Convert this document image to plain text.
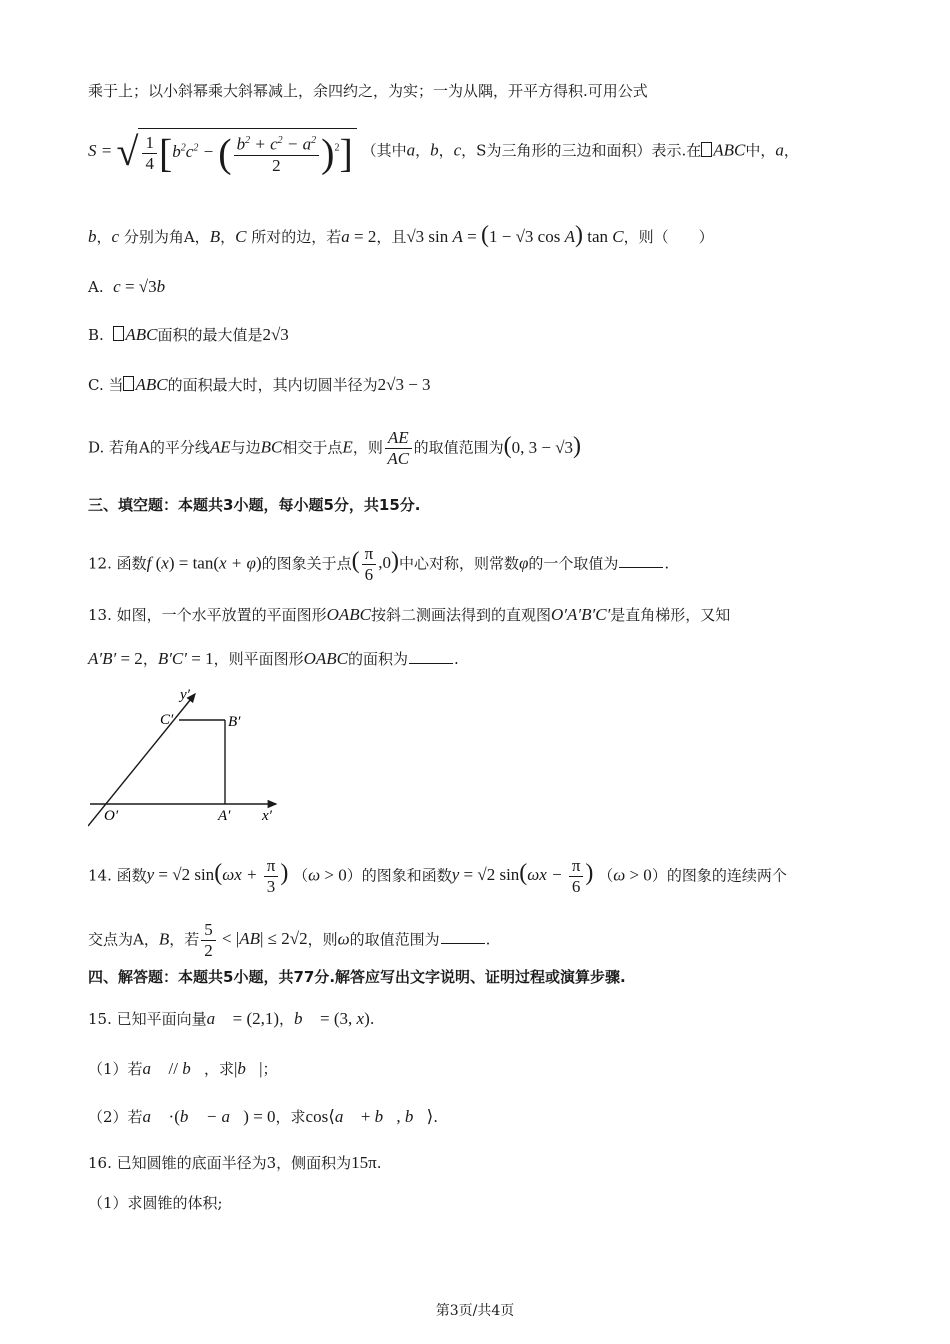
乘于上；以小斜幂乘大斜幂减上，余四约之，为实；一为从隅，开平方得积.可用公式
S = √ $\frac{1}{4} [b^2c^2$ − ( $\frac{b^2 + c^2 - a^2}{2} )^2$] （其中a，b，c，S为三角形的三边和面积）表示.在 ABC中，a，
b，c 分别为角A，B，C 所对的边，若a = 2，且√3 sin A = (1 − √3 cos A) tan C，则（　　）
A. c = √3b
B. ABC面积的最大值是2√3
C. 当 ABC的面积最大时，其内切圆半径为2√3 − 3
D. 若角A的平分线AE与边BC相交于点E，则 $\frac{AE}{AC}$ 的取值范围为(0, 3 − √3)
三、填空题：本题共3小题，每小题5分，共15分.
12. 函数f (x) = tan(x + φ)的图象关于点( $\frac{\pi}{6} ,0$)中心对称，则常数φ的一个取值为	.
13. 如图，一个水平放置的平面图形OABC按斜二测画法得到的直观图O′A′B′C′是直角梯形，又知
A′B′ = 2，B′C′ = 1，则平面图形OABC的面积为	.
y′
x′
C′	B′
O′	A′
14. 函数y = √2 $\sin(\omega x + \frac{\pi}{3}$ ) （ω > 0）的图象和函数y = √2 $\sin(\omega x - \frac{\pi}{6}$ ) （ω > 0）的图象的连续两个
交点为A，B，若 $\frac{5}{2} < |AB| \le 2√2$，则ω的取值范围为	.
四、解答题：本题共5小题，共77分.解答应写出文字说明、证明过程或演算步骤.
15. 已知平面向量a⃗ = (2,1)，b⃗ = (3, x).
（1）若a⃗ // b⃗，求|b⃗|；
（2）若a⃗ ·(b⃗ − a⃗) = 0，求cos⟨a⃗ + b⃗, b⃗⟩.
16. 已知圆锥的底面半径为3，侧面积为15π.
（1）求圆锥的体积;
第3页/共4页
